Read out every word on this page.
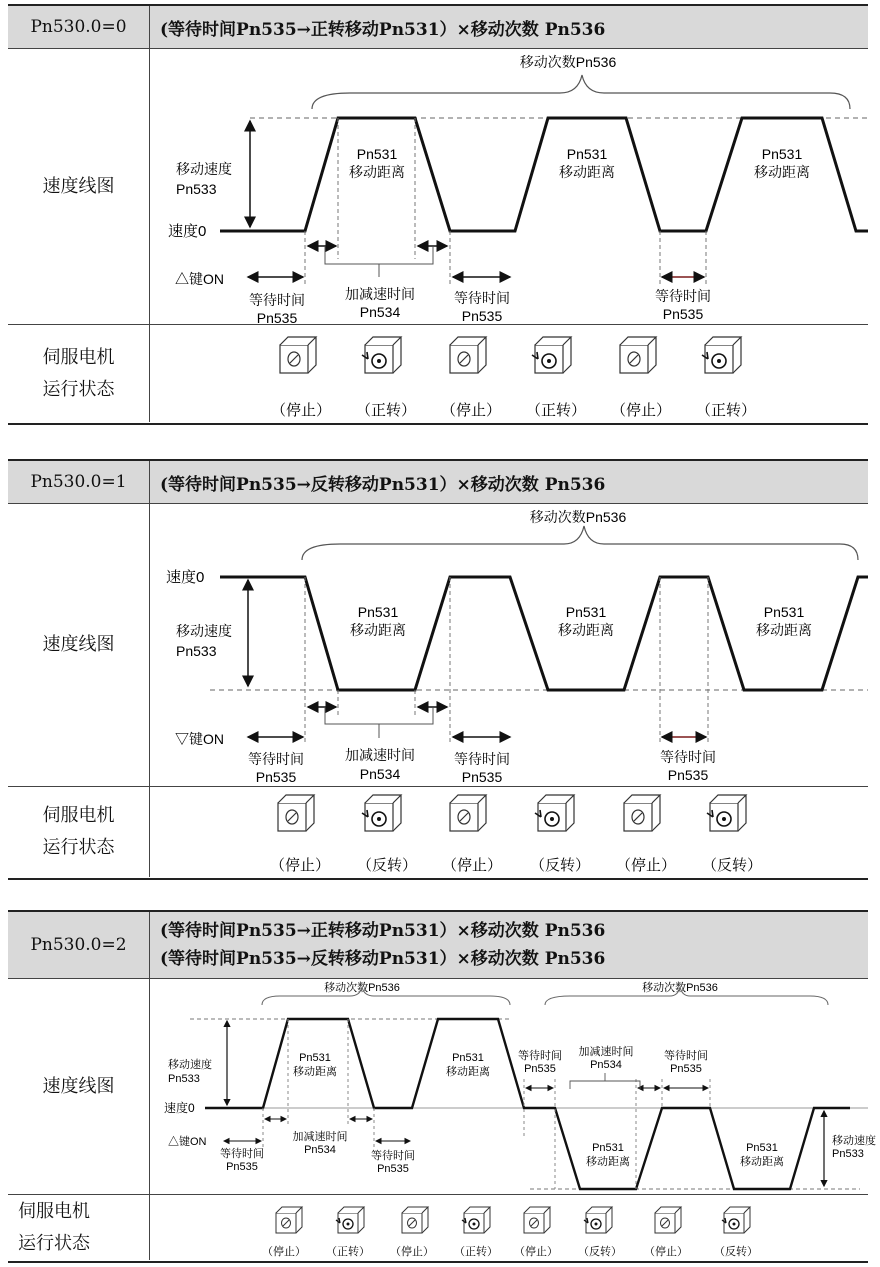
Pn530.0=0	(等待时间Pn535→正转移动Pn531）×移动次数 Pn536
速度线图
移动次数Pn536
移动速度
Pn533
速度0
加减速时间
Pn534
△键ON
等待时间
Pn535
等待时间
Pn535
等待时间
Pn535
Pn531
移动距离
Pn531
移动距离
Pn531
移动距离
伺服电机
运行状态
（停止） （正转） （停止） （正转） （停止） （正转）
Pn530.0=1	(等待时间Pn535→反转移动Pn531）×移动次数 Pn536
速度线图
移动次数Pn536
速度0
移动速度
Pn533
加减速时间
Pn534
▽键ON
等待时间
Pn535
等待时间
Pn535
等待时间
Pn535
Pn531
移动距离
Pn531
移动距离
Pn531
移动距离
伺服电机
运行状态
（停止） （反转） （停止） （反转） （停止） （反转）
Pn530.0=2
(等待时间Pn535→正转移动Pn531）×移动次数 Pn536
(等待时间Pn535→反转移动Pn531）×移动次数 Pn536
速度线图
移动次数Pn536	移动次数Pn536
移动速度
Pn533
速度0
移动速度
Pn533
Pn531
移动距离
Pn531
移动距离
Pn531
移动距离
Pn531
移动距离
加减速时间
Pn534
加减速时间
Pn534
△键ON
等待时间
Pn535
等待时间
Pn535
等待时间
Pn535
等待时间
Pn535
伺服电机
运行状态	（停止） （正转） （停止） （正转） （停止） （反转） （停止） （反转）
